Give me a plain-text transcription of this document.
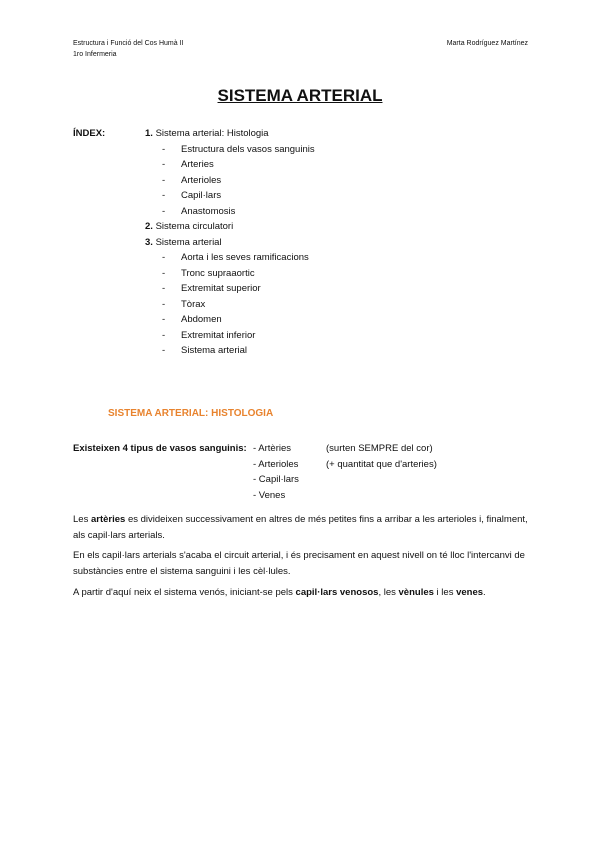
Estructura i Funció del Cos Humà II
1ro Infermeria
Marta Rodríguez Martínez
SISTEMA ARTERIAL
ÍNDEX:	1. Sistema arterial: Histologia
- Estructura dels vasos sanguinis
- Arteries
- Arterioles
- Capil·lars
- Anastomosis
2. Sistema circulatori
3. Sistema arterial
- Aorta i les seves ramificacions
- Tronc supraaortic
- Extremitat superior
- Tòrax
- Abdomen
- Extremitat inferior
- Sistema arterial
SISTEMA ARTERIAL: HISTOLOGIA
Existeixen 4 tipus de vasos sanguinis: - Artèries	(surten SEMPRE del cor)
- Arterioles	(+ quantitat que d'arteries)
- Capil·lars
- Venes

Les artèries es divideixen successivament en altres de més petites fins a arribar a les arterioles i, finalment, als capil·lars arterials.

En els capil·lars arterials s'acaba el circuit arterial, i és precisament en aquest nivell on té lloc l'intercanvi de substàncies entre el sistema sanguini i les cèl·lules.

A partir d'aquí neix el sistema venós, iniciant-se pels capil·lars venosos, les vènules i les venes.
